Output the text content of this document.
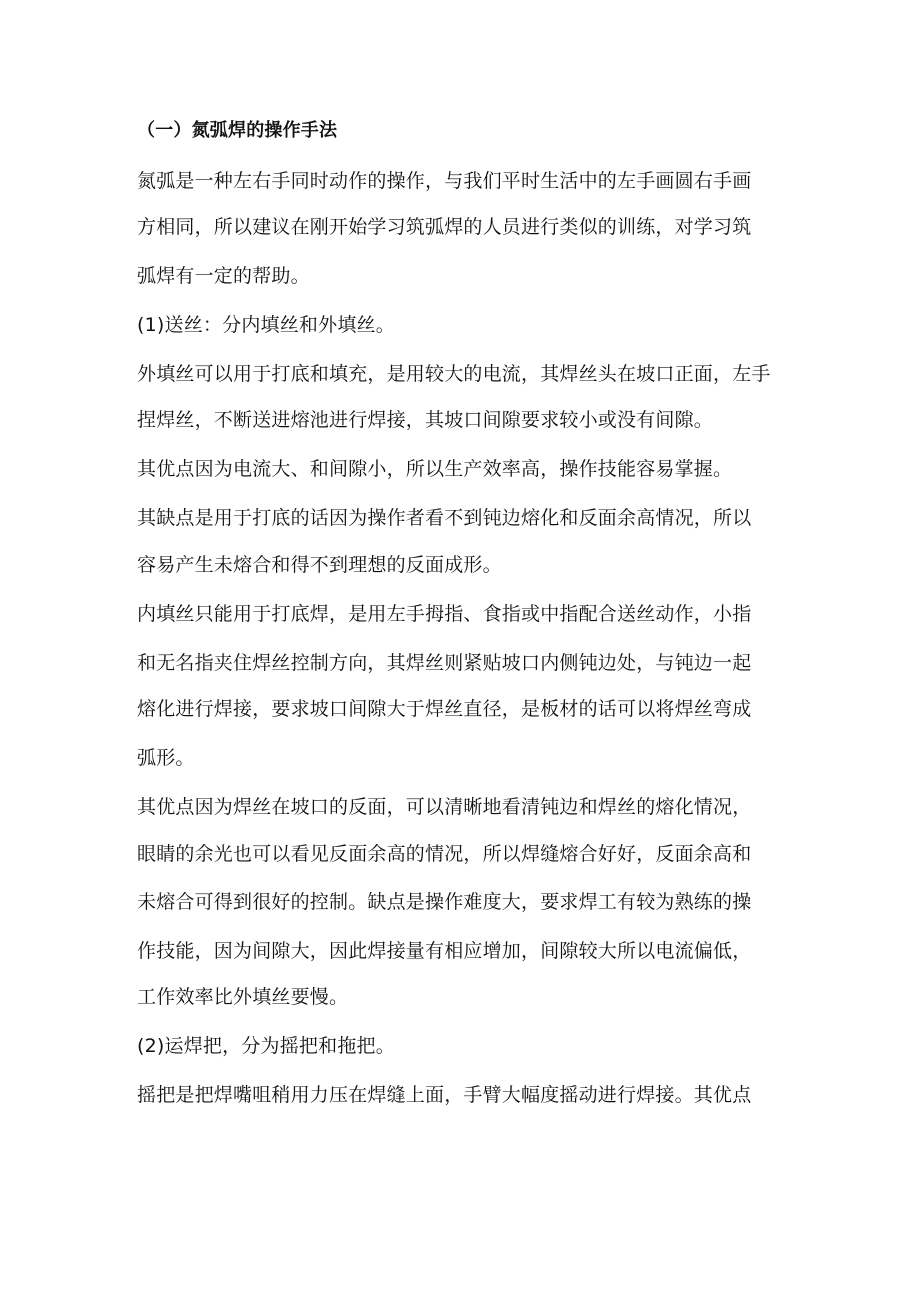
（一）氮弧焊的操作手法
氮弧是一种左右手同时动作的操作，与我们平时生活中的左手画圆右手画
方相同，所以建议在刚开始学习筑弧焊的人员进行类似的训练，对学习筑
弧焊有一定的帮助。
(1)送丝：分内填丝和外填丝。
外填丝可以用于打底和填充，是用较大的电流，其焊丝头在坡口正面，左手
捏焊丝，不断送进熔池进行焊接，其坡口间隙要求较小或没有间隙。
其优点因为电流大、和间隙小，所以生产效率高，操作技能容易掌握。
其缺点是用于打底的话因为操作者看不到钝边熔化和反面余高情况，所以
容易产生未熔合和得不到理想的反面成形。
内填丝只能用于打底焊，是用左手拇指、食指或中指配合送丝动作，小指
和无名指夹住焊丝控制方向，其焊丝则紧贴坡口内侧钝边处，与钝边一起
熔化进行焊接，要求坡口间隙大于焊丝直径，是板材的话可以将焊丝弯成
弧形。
其优点因为焊丝在坡口的反面，可以清晰地看清钝边和焊丝的熔化情况，
眼睛的余光也可以看见反面余高的情况，所以焊缝熔合好好，反面余高和
未熔合可得到很好的控制。缺点是操作难度大，要求焊工有较为熟练的操
作技能，因为间隙大，因此焊接量有相应增加，间隙较大所以电流偏低，
工作效率比外填丝要慢。
(2)运焊把，分为摇把和拖把。
摇把是把焊嘴咀稍用力压在焊缝上面，手臂大幅度摇动进行焊接。其优点
